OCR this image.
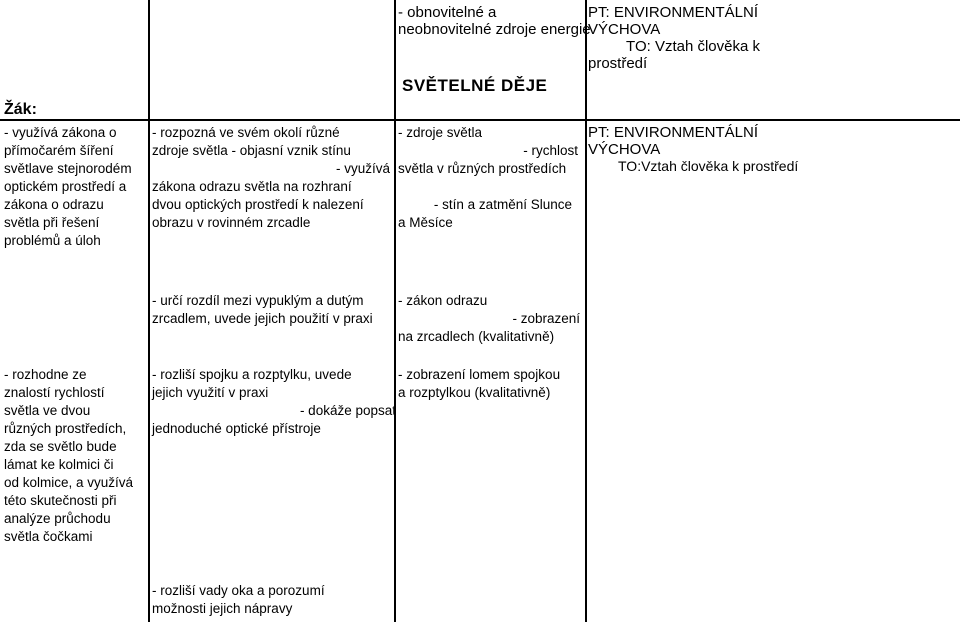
- obnovitelné a
neobnovitelné zdroje energie
PT: ENVIRONMENTÁLNÍ
VÝCHOVA
TO: Vztah člověka k
prostředí
SVĚTELNÉ DĚJE
Žák:
- využívá zákona o
přímočarém šíření
světlave stejnorodém
optickém prostředí a
zákona o odrazu
světla při řešení
problémů a úloh
- rozpozná ve svém okolí různé
zdroje světla - objasní vznik stínu
- využívá
zákona odrazu světla na rozhraní
dvou optických prostředí k nalezení
obrazu v rovinném zrcadle
- zdroje světla
- rychlost
světla v různých prostředích
- stín a zatmění Slunce
a Měsíce
PT: ENVIRONMENTÁLNÍ
VÝCHOVA
TO:Vztah člověka k prostředí
- určí rozdíl mezi vypuklým a dutým
zrcadlem, uvede jejich použití v praxi
- zákon odrazu
- zobrazení
na zrcadlech (kvalitativně)
- rozhodne ze
znalostí rychlostí
světla ve dvou
různých prostředích,
zda se světlo bude
lámat ke kolmici či
od kolmice, a využívá
této skutečnosti při
analýze průchodu
světla čočkami
- rozliší spojku a rozptylku, uvede
jejich využití v praxi
- dokáže popsat
jednoduché optické přístroje
- zobrazení lomem spojkou
a rozptylkou (kvalitativně)
- rozliší vady oka a porozumí
možnosti jejich nápravy
